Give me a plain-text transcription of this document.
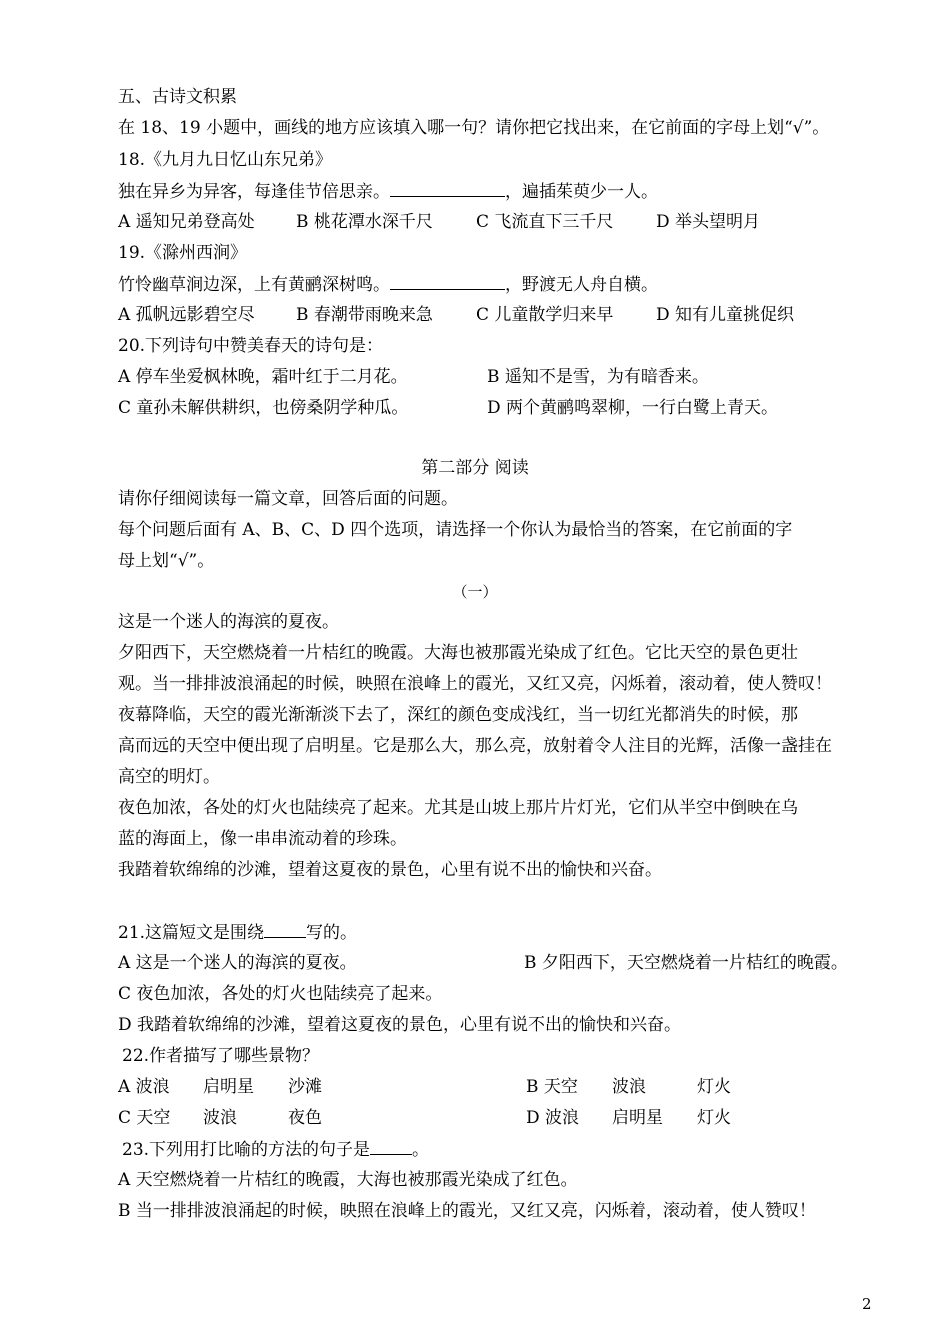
五、古诗文积累
在 18、19 小题中，画线的地方应该填入哪一句？请你把它找出来，在它前面的字母上划“√”。
18.《九月九日忆山东兄弟》
独在异乡为异客，每逢佳节倍思亲。	，遍插茱萸少一人。
A 遥知兄弟登高处 B 桃花潭水深千尺	C 飞流直下三千尺	D 举头望明月
19.《滁州西涧》
竹怜幽草涧边深，上有黄鹂深树鸣。	，野渡无人舟自横。
A 孤帆远影碧空尽 B 春潮带雨晚来急	C 儿童散学归来早	D 知有儿童挑促织
20.下列诗句中赞美春天的诗句是：
A 停车坐爱枫林晚，霜叶红于二月花。	B 遥知不是雪，为有暗香来。
C 童孙未解供耕织，也傍桑阴学种瓜。	D 两个黄鹂鸣翠柳，一行白鹭上青天。
第二部分 阅读
请你仔细阅读每一篇文章，回答后面的问题。
每个问题后面有 A、B、C、D 四个选项，请选择一个你认为最恰当的答案，在它前面的字
母上划“√”。
（一）
这是一个迷人的海滨的夏夜。
夕阳西下，天空燃烧着一片桔红的晚霞。大海也被那霞光染成了红色。它比天空的景色更壮
观。当一排排波浪涌起的时候，映照在浪峰上的霞光，又红又亮，闪烁着，滚动着，使人赞叹！
夜幕降临，天空的霞光渐渐淡下去了，深红的颜色变成浅红，当一切红光都消失的时候，那
高而远的天空中便出现了启明星。它是那么大，那么亮，放射着令人注目的光辉，活像一盏挂在
高空的明灯。
夜色加浓，各处的灯火也陆续亮了起来。尤其是山坡上那片片灯光，它们从半空中倒映在乌
蓝的海面上，像一串串流动着的珍珠。
我踏着软绵绵的沙滩，望着这夏夜的景色，心里有说不出的愉快和兴奋。
21.这篇短文是围绕 写的。
A 这是一个迷人的海滨的夏夜。	B 夕阳西下，天空燃烧着一片桔红的晚霞。
C 夜色加浓，各处的灯火也陆续亮了起来。
D 我踏着软绵绵的沙滩，望着这夏夜的景色，心里有说不出的愉快和兴奋。
22.作者描写了哪些景物？
A 波浪 启明星 沙滩	B 天空 波浪	灯火
C 天空 波浪	夜色	D 波浪 启明星 灯火
23.下列用打比喻的方法的句子是 。
A 天空燃烧着一片桔红的晚霞，大海也被那霞光染成了红色。
B 当一排排波浪涌起的时候，映照在浪峰上的霞光，又红又亮，闪烁着，滚动着，使人赞叹！
2
